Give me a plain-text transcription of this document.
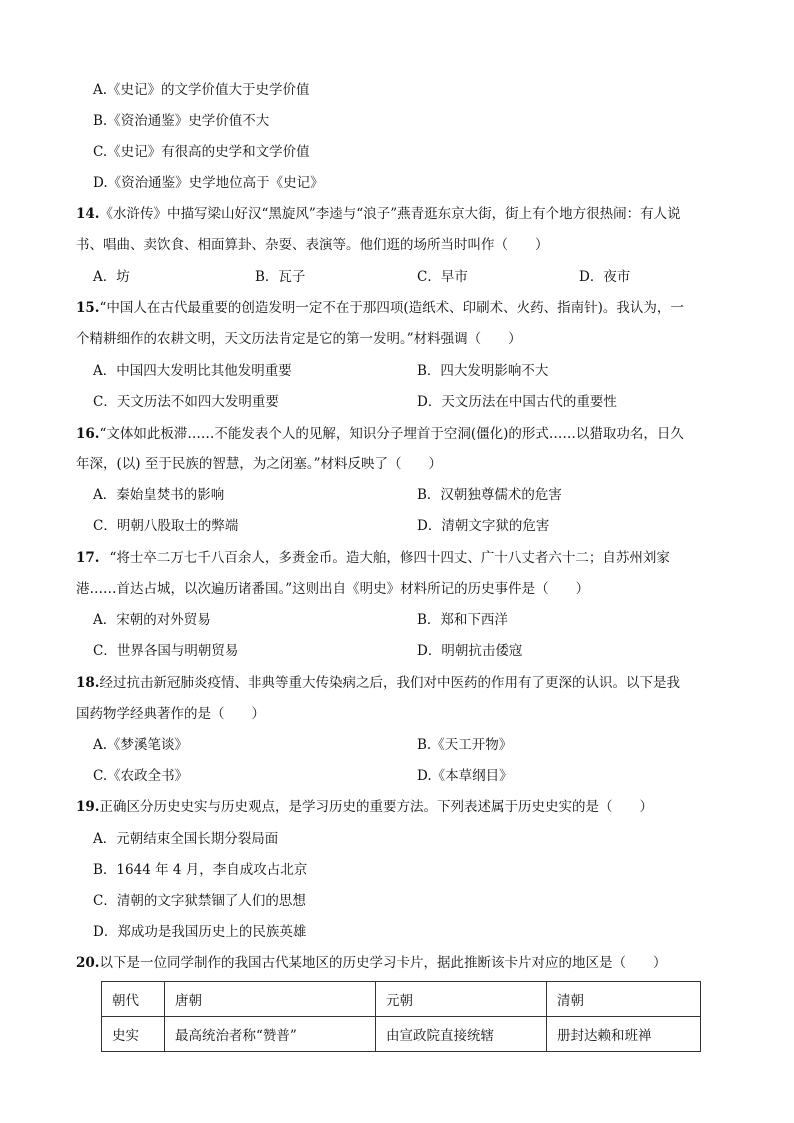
A.《史记》的文学价值大于史学价值
B.《资治通鉴》史学价值不大
C.《史记》有很高的史学和文学价值
D.《资治通鉴》史学地位高于《史记》
14.《水浒传》中描写梁山好汉“黑旋风”李逵与“浪子”燕青逛东京大街，街上有个地方很热闹：有人说
书、唱曲、卖饮食、相面算卦、杂耍、表演等。他们逛的场所当时叫作（　　）
A．坊	B．瓦子	C．早市	D．夜市
15.“中国人在古代最重要的创造发明一定不在于那四项(造纸术、印刷术、火药、指南针)。我认为，一
个精耕细作的农耕文明，天文历法肯定是它的第一发明。”材料强调（　　）
A．中国四大发明比其他发明重要	B．四大发明影响不大
C．天文历法不如四大发明重要	D．天文历法在中国古代的重要性
16.“文体如此板滞……不能发表个人的见解，知识分子埋首于空洞(僵化)的形式……以猎取功名，日久
年深，(以) 至于民族的智慧，为之闭塞。”材料反映了（　　）
A．秦始皇焚书的影响	B．汉朝独尊儒术的危害
C．明朝八股取士的弊端	D．清朝文字狱的危害
17. “将士卒二万七千八百余人，多赉金币。造大舶，修四十四丈、广十八丈者六十二；自苏州刘家
港……首达占城，以次遍历诸番国。”这则出自《明史》材料所记的历史事件是（　　）
A．宋朝的对外贸易	B．郑和下西洋
C．世界各国与明朝贸易	D．明朝抗击倭寇
18.经过抗击新冠肺炎疫情、非典等重大传染病之后，我们对中医药的作用有了更深的认识。以下是我
国药物学经典著作的是（　　）
A.《梦溪笔谈》	B.《天工开物》
C.《农政全书》	D.《本草纲目》
19.正确区分历史史实与历史观点，是学习历史的重要方法。下列表述属于历史史实的是（　　）
A．元朝结束全国长期分裂局面
B．1644 年 4 月，李自成攻占北京
C．清朝的文字狱禁锢了人们的思想
D．郑成功是我国历史上的民族英雄
20.以下是一位同学制作的我国古代某地区的历史学习卡片，据此推断该卡片对应的地区是（　　）
朝代	唐朝	元朝	清朝
史实	最高统治者称“赞普”	由宣政院直接统辖	册封达赖和班禅
